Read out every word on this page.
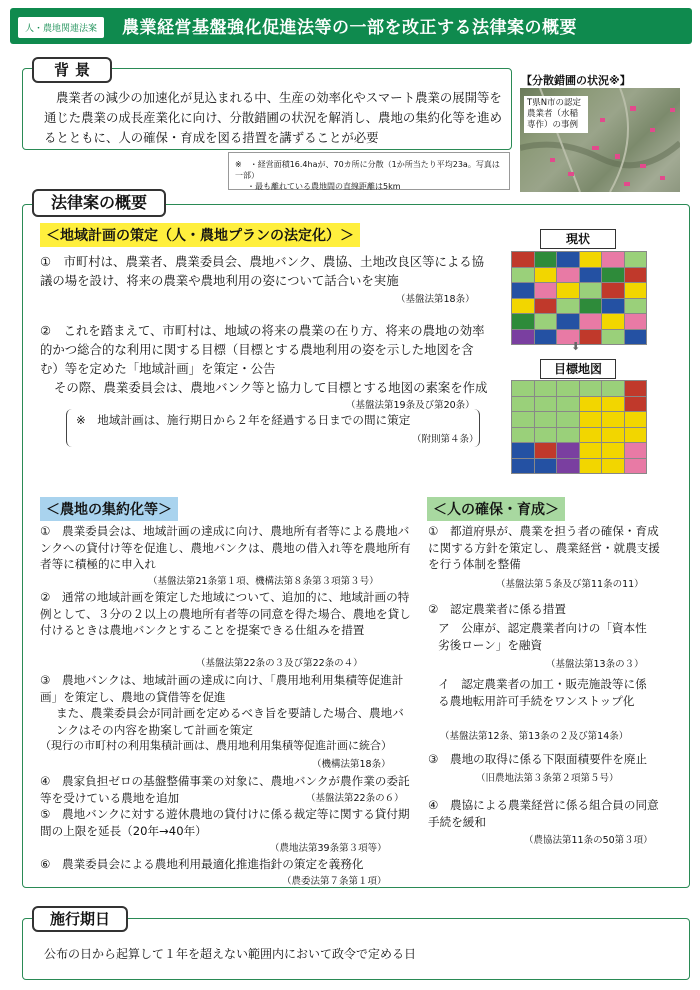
人・農地関連法案	農業経営基盤強化促進法等の一部を改正する法律案の概要
背景
農業者の減少の加速化が見込まれる中、生産の効率化やスマート農業の展開等を通じた農業の成長産業化に向け、分散錯圃の状況を解消し、農地の集約化等を進めるとともに、人の確保・育成を図る措置を講ずることが必要
※　・経営面積16.4haが、70カ所に分散（1か所当たり平均23a。写真は一部）
・最も離れている農地間の直線距離は5km
【分散錯圃の状況※】
T県N市の認定農業者（水稲専作）の事例
法律案の概要
＜地域計画の策定（人・農地プランの法定化）＞
①　市町村は、農業者、農業委員会、農地バンク、農協、土地改良区等による協議の場を設け、将来の農業や農地利用の姿について話合いを実施
（基盤法第18条）
②　これを踏まえて、市町村は、地域の将来の農業の在り方、将来の農地の効率的かつ総合的な利用に関する目標（目標とする農地利用の姿を示した地図を含む）等を定めた「地域計画」を策定・公告
その際、農業委員会は、農地バンク等と協力して目標とする地図の素案を作成
（基盤法第19条及び第20条）
※　地域計画は、施行期日から２年を経過する日までの間に策定
（附則第４条）
現状
⬇
目標地図
＜農地の集約化等＞
①　農業委員会は、地域計画の達成に向け、農地所有者等による農地バンクへの貸付け等を促進し、農地バンクは、農地の借入れ等を農地所有者等に積極的に申入れ
（基盤法第21条第１項、機構法第８条第３項第３号）
②　通常の地域計画を策定した地域について、追加的に、地域計画の特例として、３分の２以上の農地所有者等の同意を得た場合、農地を貸し付けるときは農地バンクとすることを提案できる仕組みを措置
（基盤法第22条の３及び第22条の４）
③　農地バンクは、地域計画の達成に向け、「農用地利用集積等促進計画」を策定し、農地の貸借等を促進
また、農業委員会が同計画を定めるべき旨を要請した場合、農地バンクはその内容を勘案して計画を策定
（現行の市町村の利用集積計画は、農用地利用集積等促進計画に統合）
（機構法第18条）
④　農家負担ゼロの基盤整備事業の対象に、農地バンクが農作業の委託等を受けている農地を追加	（基盤法第22条の６）
⑤　農地バンクに対する遊休農地の貸付けに係る裁定等に関する貸付期間の上限を延長（20年→40年）
（農地法第39条第３項等）
⑥　農業委員会による農地利用最適化推進指針の策定を義務化
（農委法第７条第１項）
＜人の確保・育成＞
①　都道府県が、農業を担う者の確保・育成に関する方針を策定し、農業経営・就農支援を行う体制を整備
（基盤法第５条及び第11条の11）
②　認定農業者に係る措置
ア　公庫が、認定農業者向けの「資本性劣後ローン」を融資
（基盤法第13条の３）
イ　認定農業者の加工・販売施設等に係る農地転用許可手続をワンストップ化
（基盤法第12条、第13条の２及び第14条）
③　農地の取得に係る下限面積要件を廃止
（旧農地法第３条第２項第５号）
④　農協による農業経営に係る組合員の同意手続を緩和
（農協法第11条の50第３項）
施行期日
公布の日から起算して１年を超えない範囲内において政令で定める日
